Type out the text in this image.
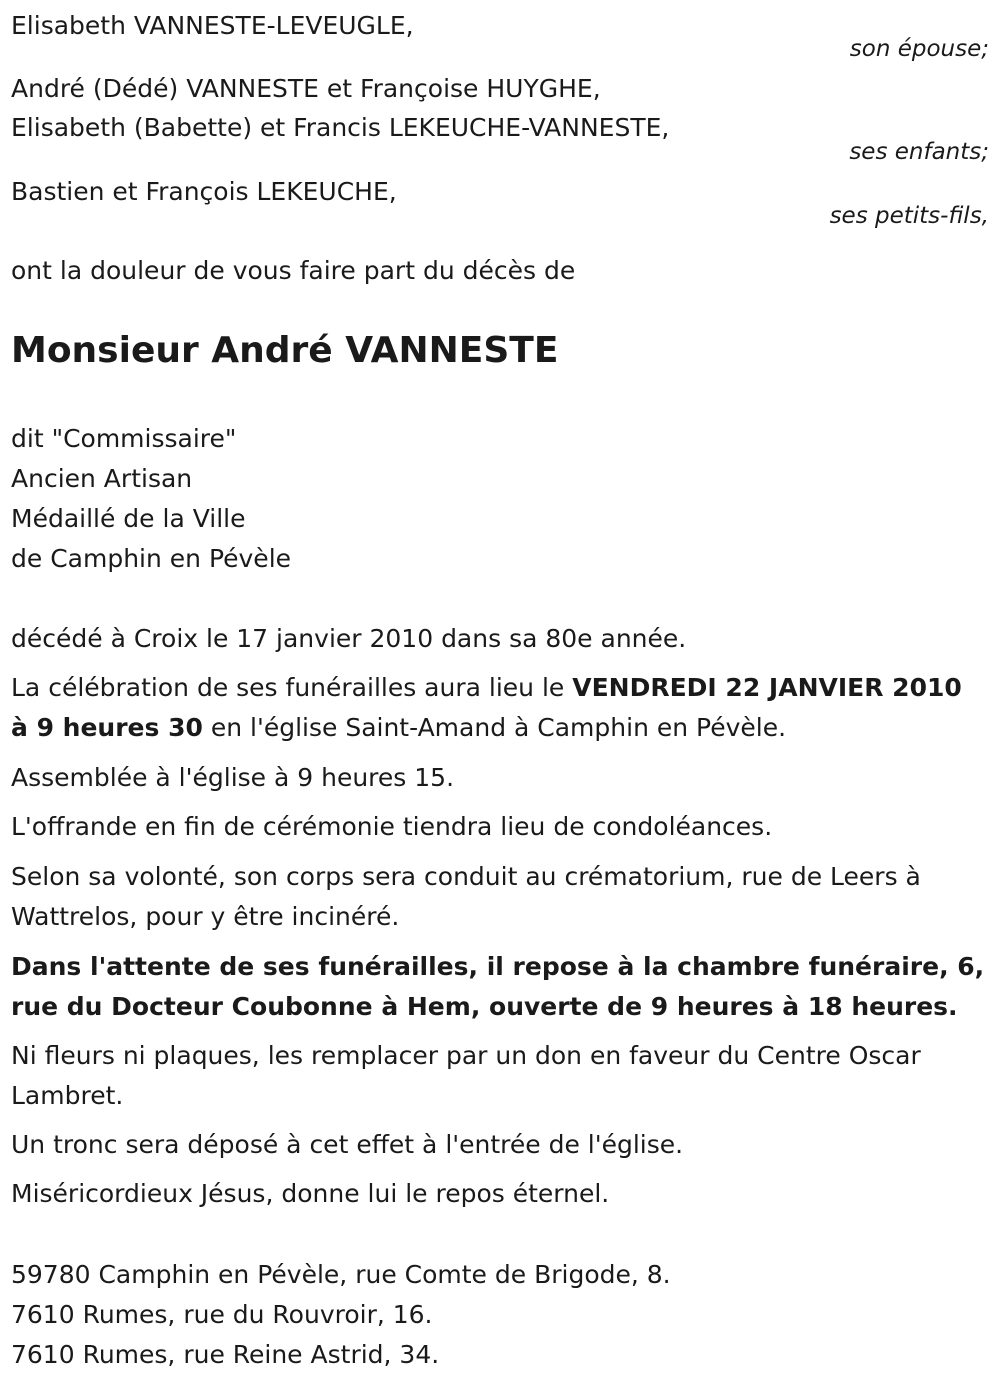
Elisabeth VANNESTE-LEVEUGLE,
son épouse;
André (Dédé) VANNESTE et Françoise HUYGHE,
Elisabeth (Babette) et Francis LEKEUCHE-VANNESTE,
ses enfants;
Bastien et François LEKEUCHE,
ses petits-fils,
ont la douleur de vous faire part du décès de
Monsieur André VANNESTE
dit "Commissaire"
Ancien Artisan
Médaillé de la Ville
de Camphin en Pévèle
décédé à Croix le 17 janvier 2010 dans sa 80e année.
La célébration de ses funérailles aura lieu le VENDREDI 22 JANVIER 2010
à 9 heures 30 en l'église Saint-Amand à Camphin en Pévèle.
Assemblée à l'église à 9 heures 15.
L'offrande en fin de cérémonie tiendra lieu de condoléances.
Selon sa volonté, son corps sera conduit au crématorium, rue de Leers à Wattrelos, pour y être incinéré.
Dans l'attente de ses funérailles, il repose à la chambre funéraire, 6, rue du Docteur Coubonne à Hem, ouverte de 9 heures à 18 heures.
Ni fleurs ni plaques, les remplacer par un don en faveur du Centre Oscar Lambret.
Un tronc sera déposé à cet effet à l'entrée de l'église.
Miséricordieux Jésus, donne lui le repos éternel.
59780 Camphin en Pévèle, rue Comte de Brigode, 8.
7610 Rumes, rue du Rouvroir, 16.
7610 Rumes, rue Reine Astrid, 34.
